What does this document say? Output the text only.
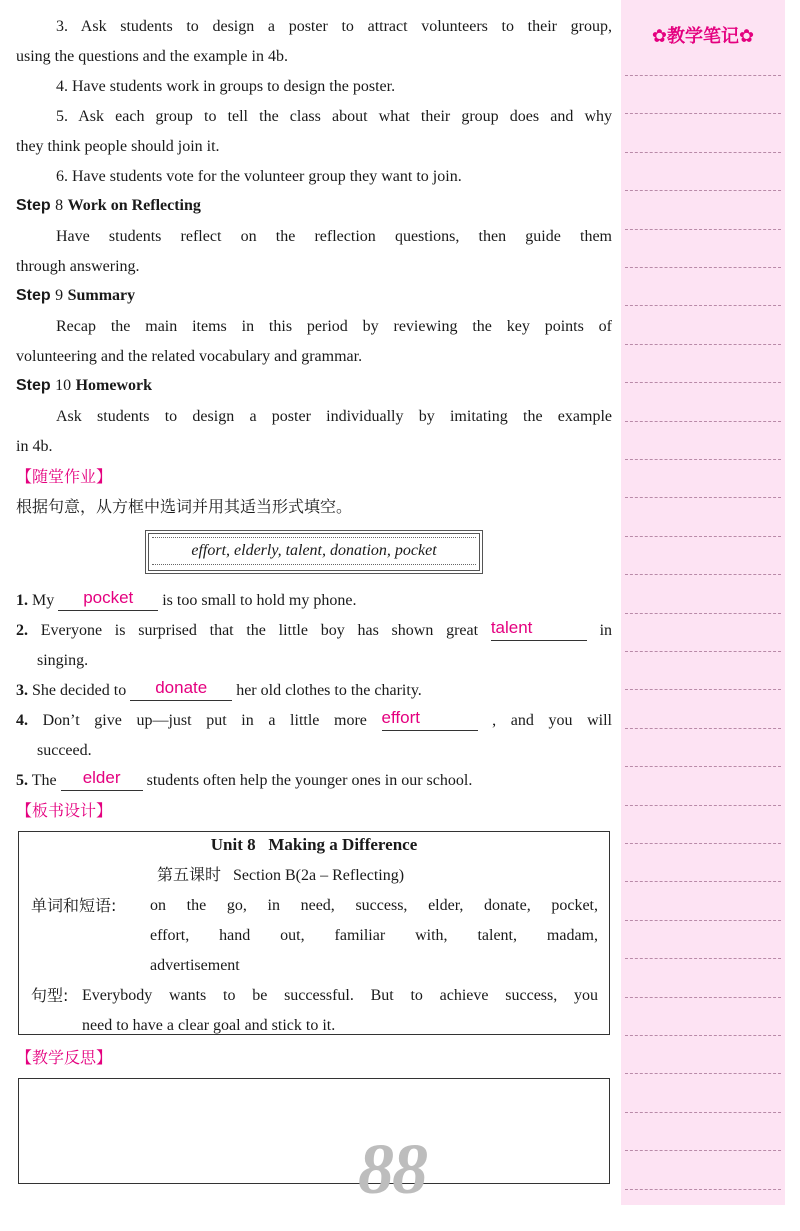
3. Ask students to design a poster to attract volunteers to their group,
using the questions and the example in 4b.
4. Have students work in groups to design the poster.
5. Ask each group to tell the class about what their group does and why
they think people should join it.
6. Have students vote for the volunteer group they want to join.
Step 8 Work on Reflecting
Have students reflect on the reflection questions, then guide them
through answering.
Step 9 Summary
Recap the main items in this period by reviewing the key points of
volunteering and the related vocabulary and grammar.
Step 10 Homework
Ask students to design a poster individually by imitating the example
in 4b.
【随堂作业】
根据句意，从方框中选词并用其适当形式填空。
1. My pocket is too small to hold my phone.
2. Everyone is surprised that the little boy has shown great talent	in
singing.
3. She decided to donate her old clothes to the charity.
4. Don’t give up—just put in a little more effort	, and you will
succeed.
5. The elder students often help the younger ones in our school.
【板书设计】
【教学反思】
effort, elderly, talent, donation, pocket
Unit 8 Making a Difference
第五课时 Section B(2a – Reflecting)
单词和短语: on the go, in need, success, elder, donate, pocket,
effort, hand out, familiar with, talent, madam,
advertisement
句型: Everybody wants to be successful. But to achieve success, you
need to have a clear goal and stick to it.
88
✿教学笔记✿
